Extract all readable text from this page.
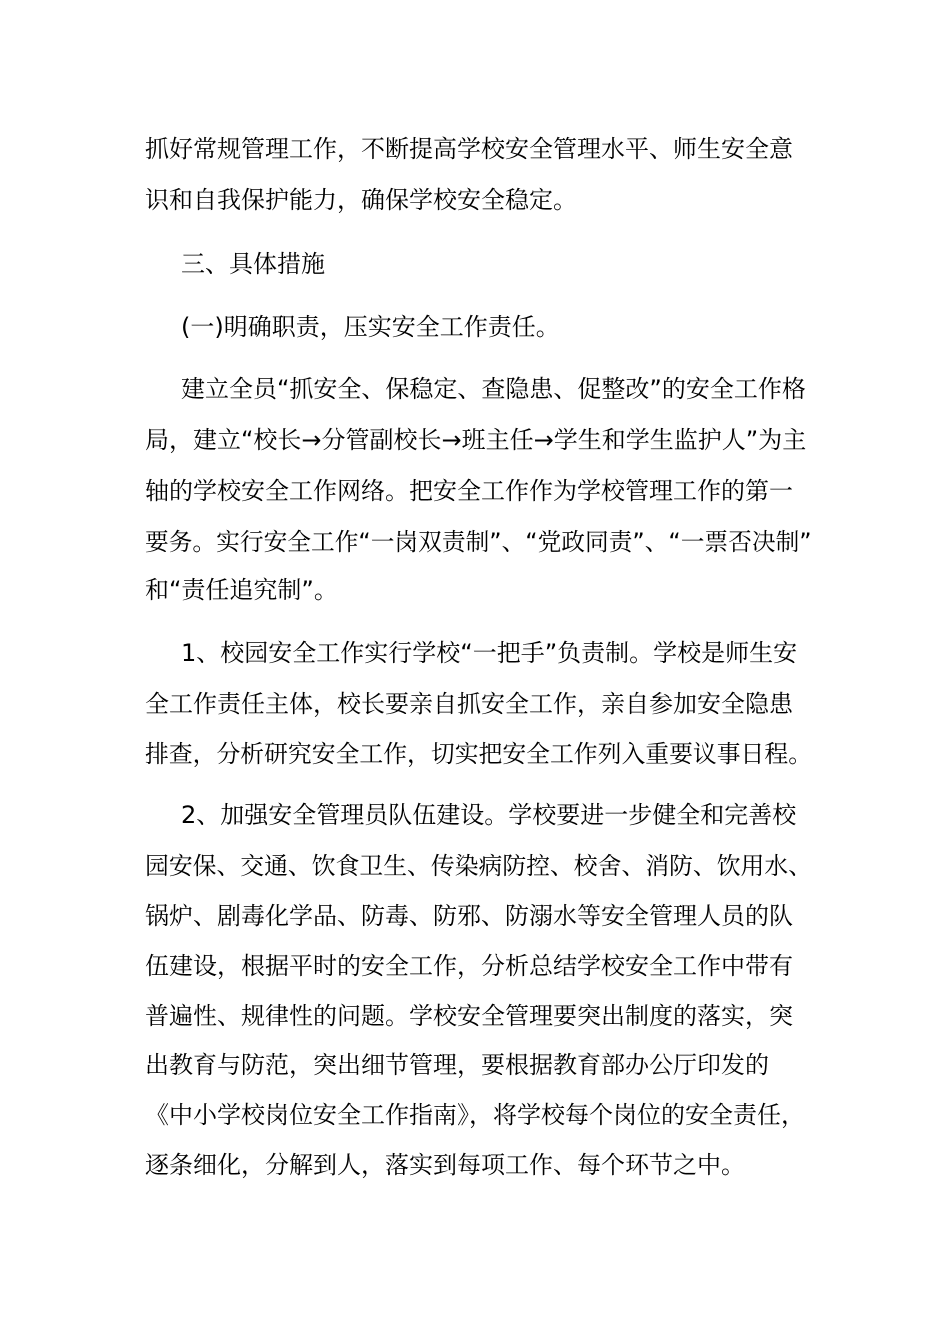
抓好常规管理工作，不断提高学校安全管理水平、师生安全意

识和自我保护能力，确保学校安全稳定。

三、具体措施

(一)明确职责，压实安全工作责任。

建立全员“抓安全、保稳定、查隐患、促整改”的安全工作格

局，建立“校长→分管副校长→班主任→学生和学生监护人”为主

轴的学校安全工作网络。把安全工作作为学校管理工作的第一

要务。实行安全工作“一岗双责制”、“党政同责”、“一票否决制”

和“责任追究制”。

1、校园安全工作实行学校“一把手”负责制。学校是师生安

全工作责任主体，校长要亲自抓安全工作，亲自参加安全隐患

排查，分析研究安全工作，切实把安全工作列入重要议事日程。

2、加强安全管理员队伍建设。学校要进一步健全和完善校

园安保、交通、饮食卫生、传染病防控、校舍、消防、饮用水、

锅炉、剧毒化学品、防毒、防邪、防溺水等安全管理人员的队

伍建设，根据平时的安全工作，分析总结学校安全工作中带有

普遍性、规律性的问题。学校安全管理要突出制度的落实，突

出教育与防范，突出细节管理，要根据教育部办公厅印发的

《中小学校岗位安全工作指南》，将学校每个岗位的安全责任，

逐条细化，分解到人，落实到每项工作、每个环节之中。
